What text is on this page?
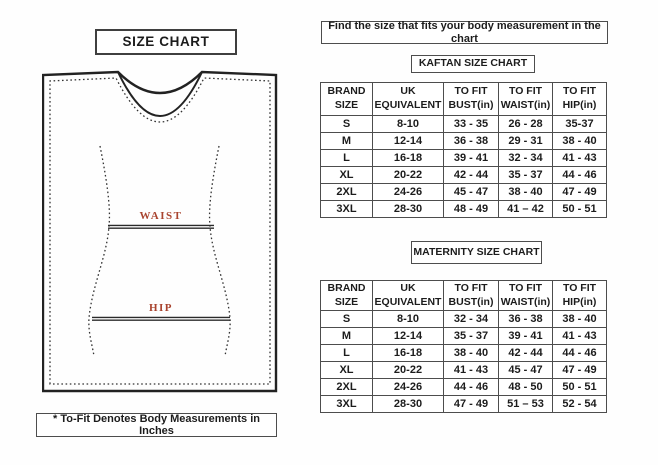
SIZE CHART
WAIST
HIP
* To-Fit Denotes Body Measurements in Inches
Find the size that fits your body measurement in the chart
KAFTAN SIZE CHART
BRAND SIZE	UK EQUIVALENT	TO FIT BUST(in)	TO FIT WAIST(in)	TO FIT HIP(in)
S	8-10	33 - 35	26 - 28	35-37
M	12-14	36 - 38	29 - 31	38 - 40
L	16-18	39 - 41	32 - 34	41 - 43
XL	20-22	42 - 44	35 - 37	44 - 46
2XL	24-26	45 - 47	38 - 40	47 - 49
3XL	28-30	48 - 49	41 – 42	50 - 51
MATERNITY SIZE CHART
BRAND SIZE	UK EQUIVALENT	TO FIT BUST(in)	TO FIT WAIST(in)	TO FIT HIP(in)
S	8-10	32 - 34	36 - 38	38 - 40
M	12-14	35 - 37	39 - 41	41 - 43
L	16-18	38 - 40	42 - 44	44 - 46
XL	20-22	41 - 43	45 - 47	47 - 49
2XL	24-26	44 - 46	48 - 50	50 - 51
3XL	28-30	47 - 49	51 – 53	52 - 54
